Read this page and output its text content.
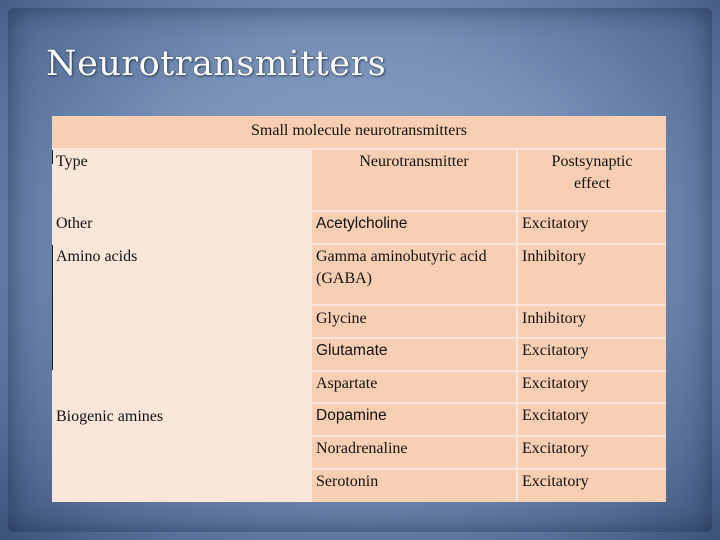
Neurotransmitters
Small molecule neurotransmitters
Type	Neurotransmitter	Postsynaptic effect
Other
Amino acids
Biogenic amines
Acetylcholine
Gamma aminobutyric acid (GABA)
Glycine
Glutamate
Aspartate
Dopamine
Noradrenaline
Serotonin
Excitatory
Inhibitory
Inhibitory
Excitatory
Excitatory
Excitatory
Excitatory
Excitatory
